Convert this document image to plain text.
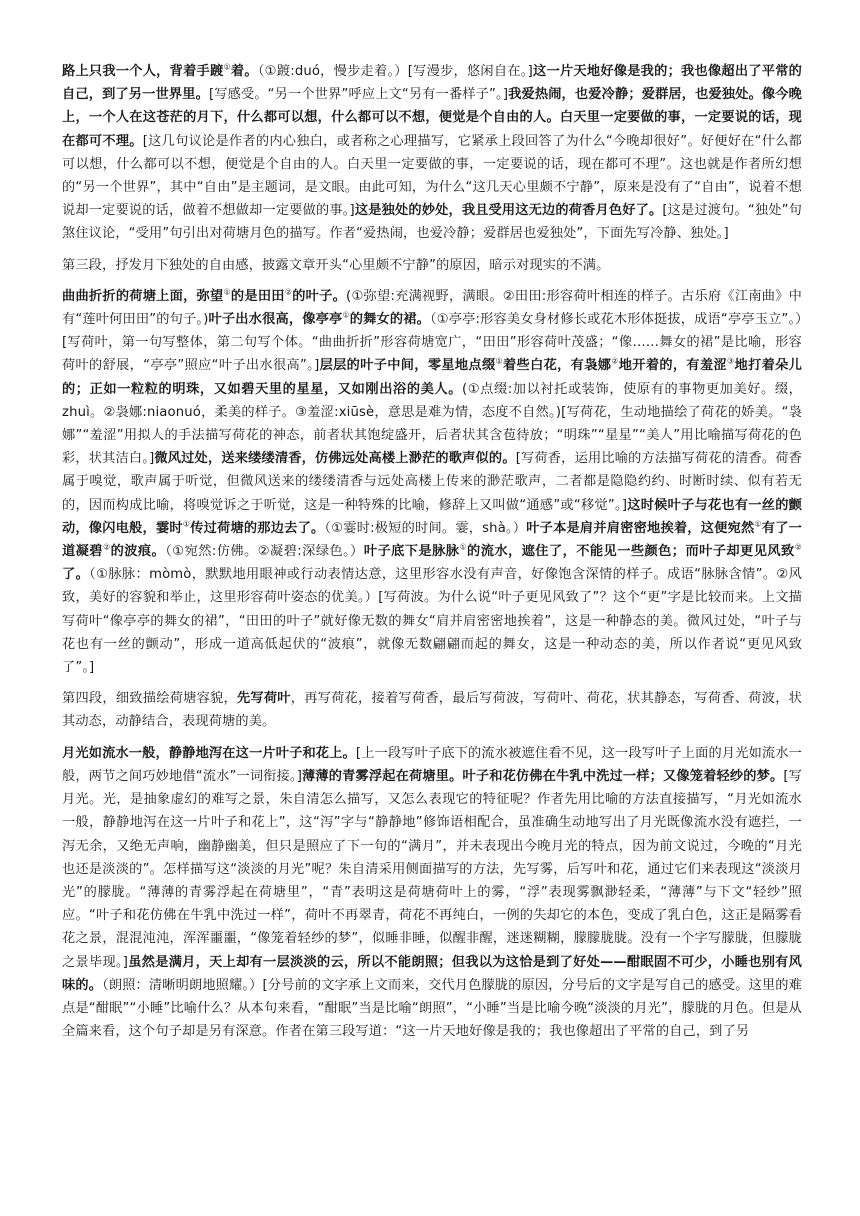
路上只我一个人，背着手踱①着。（①踱:duó，慢步走着。）[写漫步，悠闲自在。]这一片天地好像是我的；我也像超出了平常的自己，到了另一世界里。[写感受。“另一个世界”呼应上文“另有一番样子”。]我爱热闹，也爱冷静；爱群居，也爱独处。像今晚上，一个人在这苍茫的月下，什么都可以想，什么都可以不想，便觉是个自由的人。白天里一定要做的事，一定要说的话，现在都可不理。[这几句议论是作者的内心独白，或者称之心理描写，它紧承上段回答了为什么“今晚却很好”。好便好在“什么都可以想，什么都可以不想，便觉是个自由的人。白天里一定要做的事，一定要说的话，现在都可不理”。这也就是作者所幻想的“另一个世界”，其中“自由”是主题词，是文眼。由此可知，为什么“这几天心里颇不宁静”，原来是没有了“自由”，说着不想说却一定要说的话，做着不想做却一定要做的事。]这是独处的妙处，我且受用这无边的荷香月色好了。[这是过渡句。“独处”句煞住议论，“受用”句引出对荷塘月色的描写。作者“爱热闹，也爱冷静；爱群居也爱独处”，下面先写冷静、独处。]

第三段，抒发月下独处的自由感，披露文章开头“心里颇不宁静”的原因，暗示对现实的不满。

曲曲折折的荷塘上面，弥望①的是田田②的叶子。(①弥望:充满视野，满眼。②田田:形容荷叶相连的样子。古乐府《江南曲》中有“莲叶何田田”的句子。)叶子出水很高，像亭亭①的舞女的裙。（①亭亭:形容美女身材修长或花木形体挺拔，成语“亭亭玉立”。）[写荷叶，第一句写整体，第二句写个体。“曲曲折折”形容荷塘宽广，“田田”形容荷叶茂盛；“像……舞女的裙”是比喻，形容荷叶的舒展，“亭亭”照应“叶子出水很高”。]层层的叶子中间，零星地点缀①着些白花，有袅娜②地开着的，有羞涩③地打着朵儿的；正如一粒粒的明珠，又如碧天里的星星，又如刚出浴的美人。(①点缀:加以衬托或装饰，使原有的事物更加美好。缀，zhuì。②袅娜:niaonuó，柔美的样子。③羞涩:xiūsè，意思是难为情，态度不自然。)[写荷花，生动地描绘了荷花的娇美。“袅娜”“羞涩”用拟人的手法描写荷花的神态，前者状其饱绽盛开，后者状其含苞待放；“明珠”“星星”“美人”用比喻描写荷花的色彩，状其洁白。]微风过处，送来缕缕清香，仿佛远处高楼上渺茫的歌声似的。[写荷香，运用比喻的方法描写荷花的清香。荷香属于嗅觉，歌声属于听觉，但微风送来的缕缕清香与远处高楼上传来的渺茫歌声，二者都是隐隐约约、时断时续、似有若无的，因而构成比喻，将嗅觉诉之于听觉，这是一种特殊的比喻，修辞上又叫做“通感”或“移觉”。]这时候叶子与花也有一丝的颤动，像闪电般，霎时①传过荷塘的那边去了。（①霎时:极短的时间。霎，shà。）叶子本是肩并肩密密地挨着，这便宛然①有了一道凝碧②的波痕。（①宛然:仿佛。②凝碧:深绿色。）叶子底下是脉脉①的流水，遮住了，不能见一些颜色；而叶子却更见风致②了。（①脉脉：mòmò，默默地用眼神或行动表情达意，这里形容水没有声音，好像饱含深情的样子。成语“脉脉含情”。②风致，美好的容貌和举止，这里形容荷叶姿态的优美。）[写荷波。为什么说“叶子更见风致了”？这个“更”字是比较而来。上文描写荷叶“像亭亭的舞女的裙”，“田田的叶子”就好像无数的舞女“肩并肩密密地挨着”，这是一种静态的美。微风过处，“叶子与花也有一丝的颤动”，形成一道高低起伏的“波痕”，就像无数翩翩而起的舞女，这是一种动态的美，所以作者说“更见风致了”。]

第四段，细致描绘荷塘容貌，先写荷叶，再写荷花，接着写荷香，最后写荷波，写荷叶、荷花，状其静态，写荷香、荷波，状其动态，动静结合，表现荷塘的美。

月光如流水一般，静静地泻在这一片叶子和花上。[上一段写叶子底下的流水被遮住看不见，这一段写叶子上面的月光如流水一般，两节之间巧妙地借“流水”一词衔接。]薄薄的青雾浮起在荷塘里。叶子和花仿佛在牛乳中洗过一样；又像笼着轻纱的梦。[写月光。光，是抽象虚幻的难写之景，朱自清怎么描写，又怎么表现它的特征呢？作者先用比喻的方法直接描写，“月光如流水一般，静静地泻在这一片叶子和花上”，这“泻”字与“静静地”修饰语相配合，虽准确生动地写出了月光既像流水没有遮拦，一泻无余，又绝无声响，幽静幽美，但只是照应了下一句的“满月”，并未表现出今晚月光的特点，因为前文说过，今晚的“月光也还是淡淡的”。怎样描写这“淡淡的月光”呢？朱自清采用侧面描写的方法，先写雾，后写叶和花，通过它们来表现这“淡淡月光”的朦胧。“薄薄的青雾浮起在荷塘里”，“青”表明这是荷塘荷叶上的雾，“浮”表现雾飘渺轻柔，“薄薄”与下文“轻纱”照应。“叶子和花仿佛在牛乳中洗过一样”，荷叶不再翠青，荷花不再纯白，一例的失却它的本色，变成了乳白色，这正是隔雾看花之景，混混沌沌，浑浑噩噩，“像笼着轻纱的梦”，似睡非睡，似醒非醒，迷迷糊糊，朦朦胧胧。没有一个字写朦胧，但朦胧之景毕现。]虽然是满月，天上却有一层淡淡的云，所以不能朗照；但我以为这恰是到了好处——酣眠固不可少，小睡也别有风味的。（朗照：清晰明朗地照耀。）[分号前的文字承上文而来，交代月色朦胧的原因，分号后的文字是写自己的感受。这里的难点是“酣眠”“小睡”比喻什么？从本句来看，“酣眠”当是比喻“朗照”，“小睡”当是比喻今晚“淡淡的月光”，朦胧的月色。但是从全篇来看，这个句子却是另有深意。作者在第三段写道：“这一片天地好像是我的；我也像超出了平常的自己，到了另
